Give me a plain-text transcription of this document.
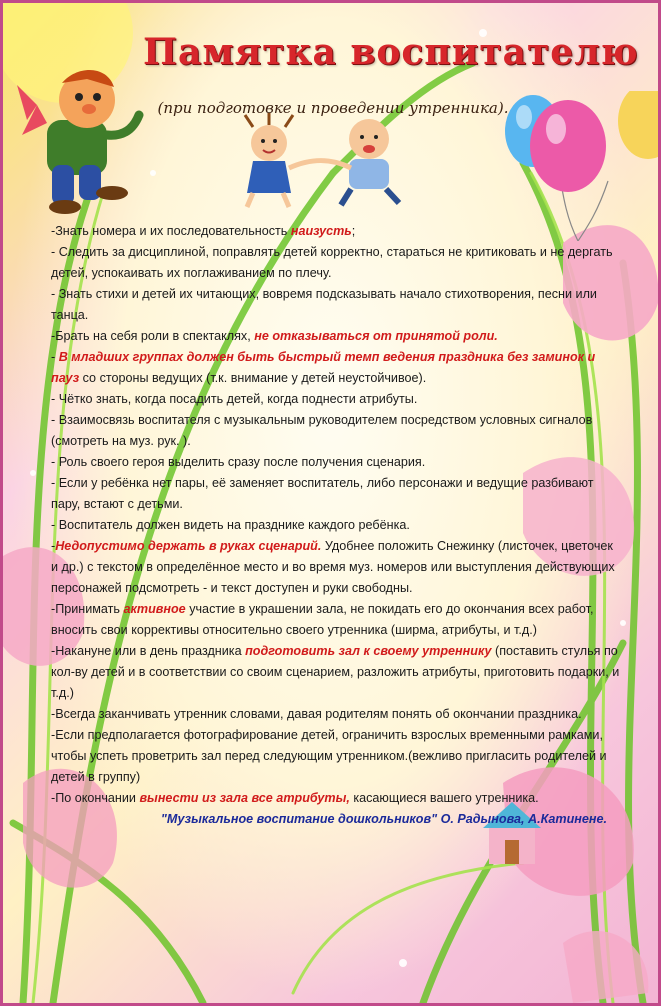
Памятка воспитателю
(при подготовке и проведении утренника).

-Знать номера и их последовательность наизусть;

- Следить за дисциплиной, поправлять детей корректно, стараться не критиковать и не дергать детей, успокаивать их поглаживанием по плечу.

- Знать стихи и детей их читающих, вовремя подсказывать начало стихотворения, песни или танца.

-Брать на себя роли в спектаклях, не отказываться от принятой роли.

- В младших группах должен быть быстрый темп ведения праздника без заминок и пауз со стороны ведущих (т.к. внимание у детей неустойчивое).

- Чётко знать, когда посадить детей, когда поднести атрибуты.

- Взаимосвязь воспитателя с музыкальным руководителем посредством условных сигналов (смотреть на муз. рук. ).

- Роль своего героя выделить сразу после получения сценария.

- Если у ребёнка нет пары, её заменяет воспитатель, либо персонажи и ведущие разбивают пару, встают с детьми.

- Воспитатель должен видеть на празднике каждого ребёнка.

-Недопустимо держать в руках сценарий. Удобнее положить Снежинку (листочек, цветочек и др.) с текстом в определённое место и во время муз. номеров или выступления действующих персонажей подсмотреть - и текст доступен и руки свободны.

-Принимать активное участие в украшении зала, не покидать его до окончания всех работ, вносить свои коррективы относительно своего утренника (ширма, атрибуты, и т.д.)

-Накануне или в день праздника подготовить зал к своему утреннику (поставить стулья по кол-ву детей и в соответствии со своим сценарием, разложить атрибуты, приготовить подарки, и т.д.)

-Всегда заканчивать утренник словами, давая родителям понять об окончании праздника.

-Если предполагается фотографирование детей, ограничить взрослых временными рамками, чтобы успеть проветрить зал перед следующим утренником.(вежливо пригласить родителей и детей в группу)

-По окончании вынести из зала все атрибуты, касающиеся вашего утренника.

"Музыкальное воспитание дошкольников" О. Радынова, А.Катинене.
